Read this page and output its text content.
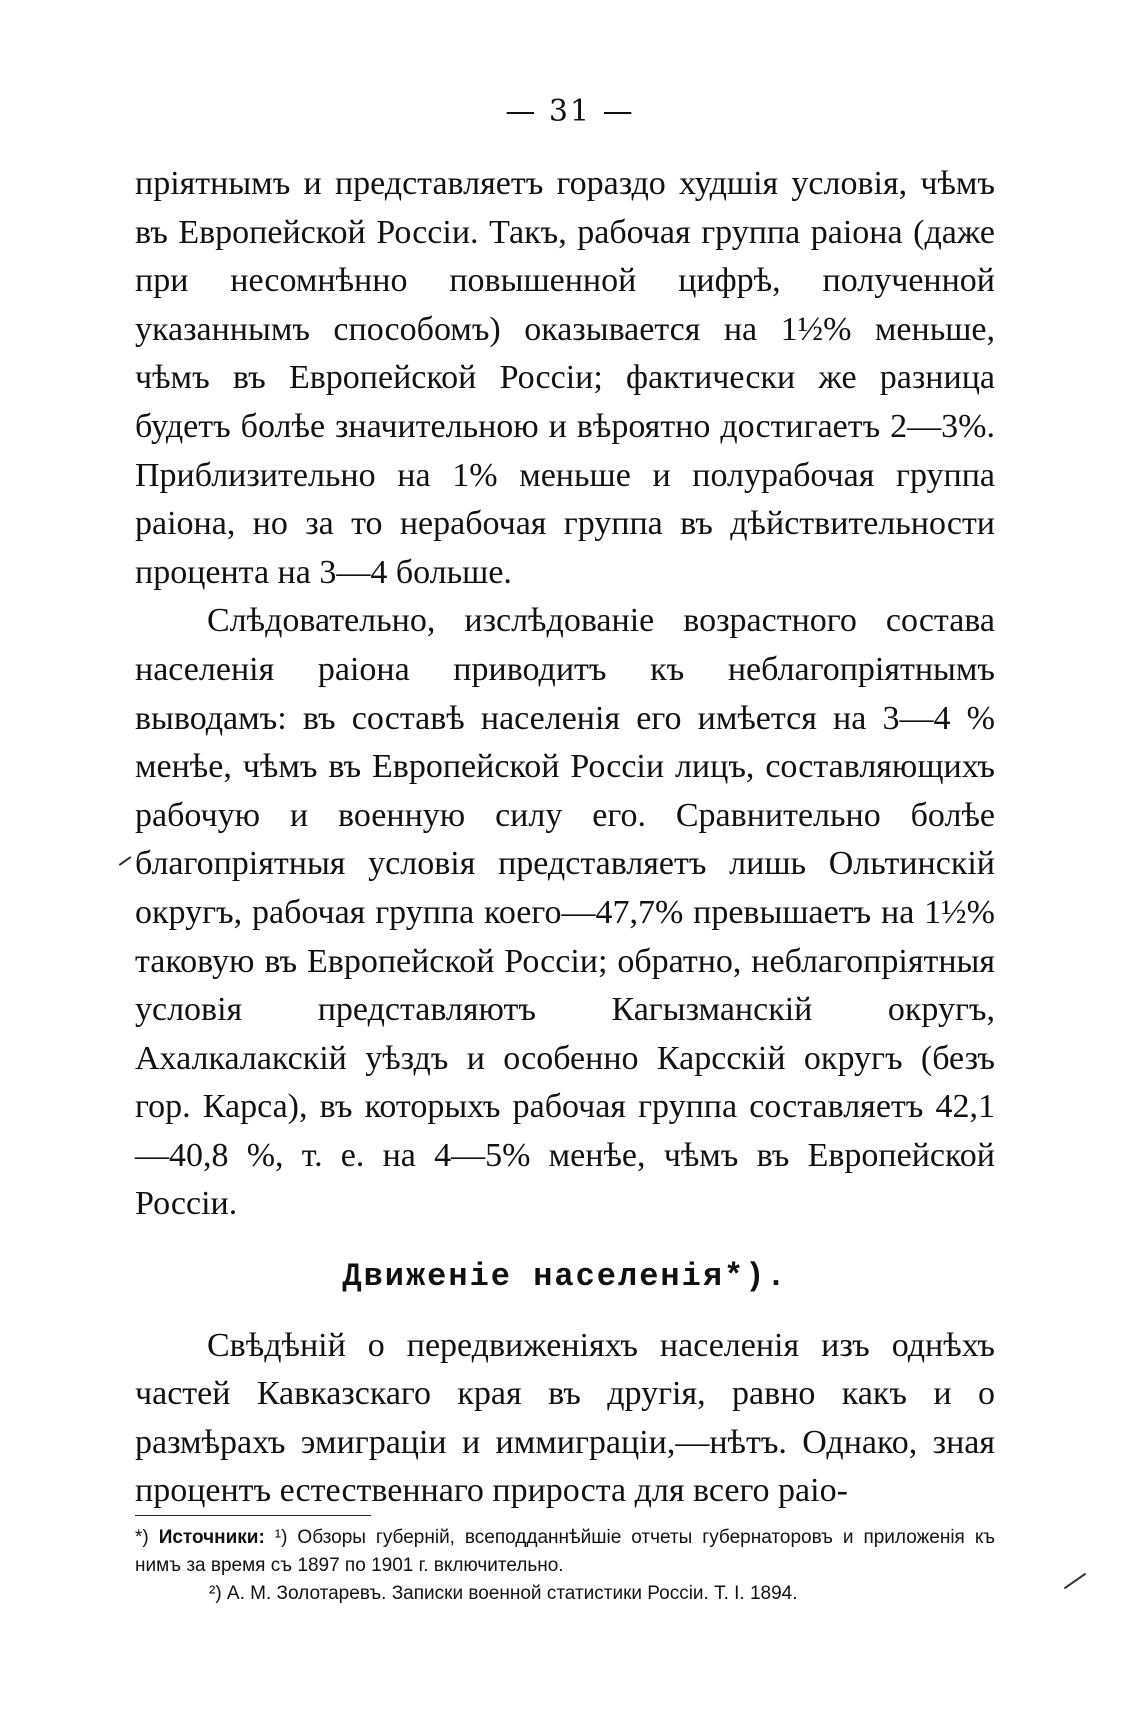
— 31 —

пріятнымъ и представляетъ гораздо худшія условія, чѣмъ въ Европейской Россіи. Такъ, рабочая группа раіона (даже при несомнѣнно повышенной цифрѣ, полученной указаннымъ способомъ) оказывается на 1½% меньше, чѣмъ въ Европейской Россіи; фактически же разница будетъ болѣе значительною и вѣроятно достигаетъ 2—3%. Приблизительно на 1% меньше и полурабочая группа раіона, но за то нерабочая группа въ дѣйствительности процента на 3—4 больше.

Слѣдовательно, изслѣдованіе возрастного состава населенія раіона приводитъ къ неблагопріятнымъ выводамъ: въ составѣ населенія его имѣется на 3—4 % менѣе, чѣмъ въ Европейской Россіи лицъ, составляющихъ рабочую и военную силу его. Сравнительно болѣе благопріятныя условія представляетъ лишь Ольтинскій округъ, рабочая группа коего—47,7% превышаетъ на 1½% таковую въ Европейской Россіи; обратно, неблагопріятныя условія представляютъ Кагызманскій округъ, Ахалкалакскій уѣздъ и особенно Карсскій округъ (безъ гор. Карса), въ которыхъ рабочая группа составляетъ 42,1—40,8 %, т. е. на 4—5% менѣе, чѣмъ въ Европейской Россіи.

Движеніе населенія*).

Свѣдѣній о передвиженіяхъ населенія изъ однѣхъ частей Кавказскаго края въ другія, равно какъ и о размѣрахъ эмиграціи и иммиграціи,—нѣтъ. Однако, зная процентъ естественнаго прироста для всего раіо-

*) Источники: ¹) Обзоры губерній, всеподданнѣйшіе отчеты губернаторовъ и приложенія къ нимъ за время съ 1897 по 1901 г. включительно.

²) А. М. Золотаревъ. Записки военной статистики Россіи. Т. I. 1894.
